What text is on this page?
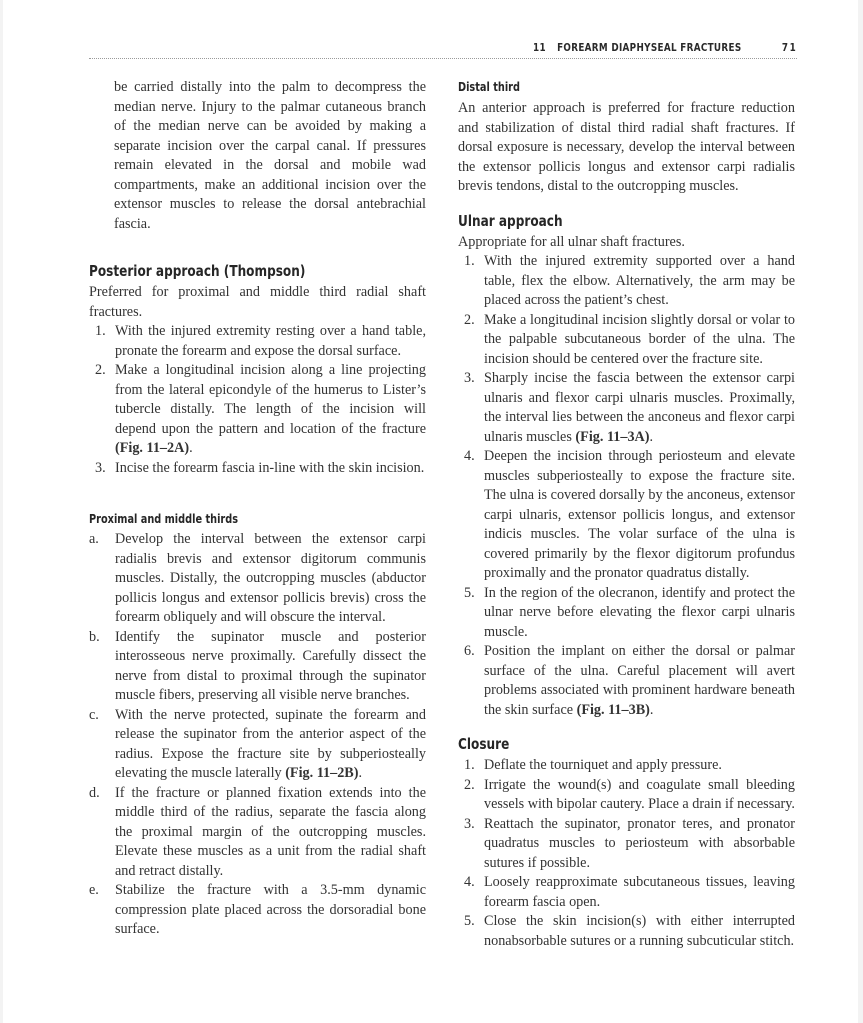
11 FOREARM DIAPHYSEAL FRACTURES	71

be carried distally into the palm to decompress the median nerve. Injury to the palmar cutaneous branch of the median nerve can be avoided by making a separate incision over the carpal canal. If pressures remain elevated in the dorsal and mobile wad compartments, make an additional incision over the extensor muscles to release the dorsal antebrachial fascia.

Posterior approach (Thompson)

Preferred for proximal and middle third radial shaft fractures.

1. With the injured extremity resting over a hand table, pronate the forearm and expose the dorsal surface.
2. Make a longitudinal incision along a line projecting from the lateral epicondyle of the humerus to Lister’s tubercle distally. The length of the incision will depend upon the pattern and location of the fracture (Fig. 11–2A).
3. Incise the forearm fascia in-line with the skin incision.
Proximal and middle thirds
a. Develop the interval between the extensor carpi radialis brevis and extensor digitorum communis muscles. Distally, the outcropping muscles (abductor pollicis longus and extensor pollicis brevis) cross the forearm obliquely and will obscure the interval.
b. Identify the supinator muscle and posterior interosseous nerve proximally. Carefully dissect the nerve from distal to proximal through the supinator muscle fibers, preserving all visible nerve branches.
c. With the nerve protected, supinate the forearm and release the supinator from the anterior aspect of the radius. Expose the fracture site by subperiosteally elevating the muscle laterally (Fig. 11–2B).
d. If the fracture or planned fixation extends into the middle third of the radius, separate the fascia along the proximal margin of the outcropping muscles. Elevate these muscles as a unit from the radial shaft and retract distally.
e. Stabilize the fracture with a 3.5-mm dynamic compression plate placed across the dorsoradial bone surface.
Distal third

An anterior approach is preferred for fracture reduction and stabilization of distal third radial shaft fractures. If dorsal exposure is necessary, develop the interval between the extensor pollicis longus and extensor carpi radialis brevis tendons, distal to the outcropping muscles.

Ulnar approach

Appropriate for all ulnar shaft fractures.

1. With the injured extremity supported over a hand table, flex the elbow. Alternatively, the arm may be placed across the patient’s chest.
2. Make a longitudinal incision slightly dorsal or volar to the palpable subcutaneous border of the ulna. The incision should be centered over the fracture site.
3. Sharply incise the fascia between the extensor carpi ulnaris and flexor carpi ulnaris muscles. Proximally, the interval lies between the anconeus and flexor carpi ulnaris muscles (Fig. 11–3A).
4. Deepen the incision through periosteum and elevate muscles subperiosteally to expose the fracture site. The ulna is covered dorsally by the anconeus, extensor carpi ulnaris, extensor pollicis longus, and extensor indicis muscles. The volar surface of the ulna is covered primarily by the flexor digitorum profundus proximally and the pronator quadratus distally.
5. In the region of the olecranon, identify and protect the ulnar nerve before elevating the flexor carpi ulnaris muscle.
6. Position the implant on either the dorsal or palmar surface of the ulna. Careful placement will avert problems associated with prominent hardware beneath the skin surface (Fig. 11–3B).
Closure
1. Deflate the tourniquet and apply pressure.
2. Irrigate the wound(s) and coagulate small bleeding vessels with bipolar cautery. Place a drain if necessary.
3. Reattach the supinator, pronator teres, and pronator quadratus muscles to periosteum with absorbable sutures if possible.
4. Loosely reapproximate subcutaneous tissues, leaving forearm fascia open.
5. Close the skin incision(s) with either interrupted nonabsorbable sutures or a running subcuticular stitch.
